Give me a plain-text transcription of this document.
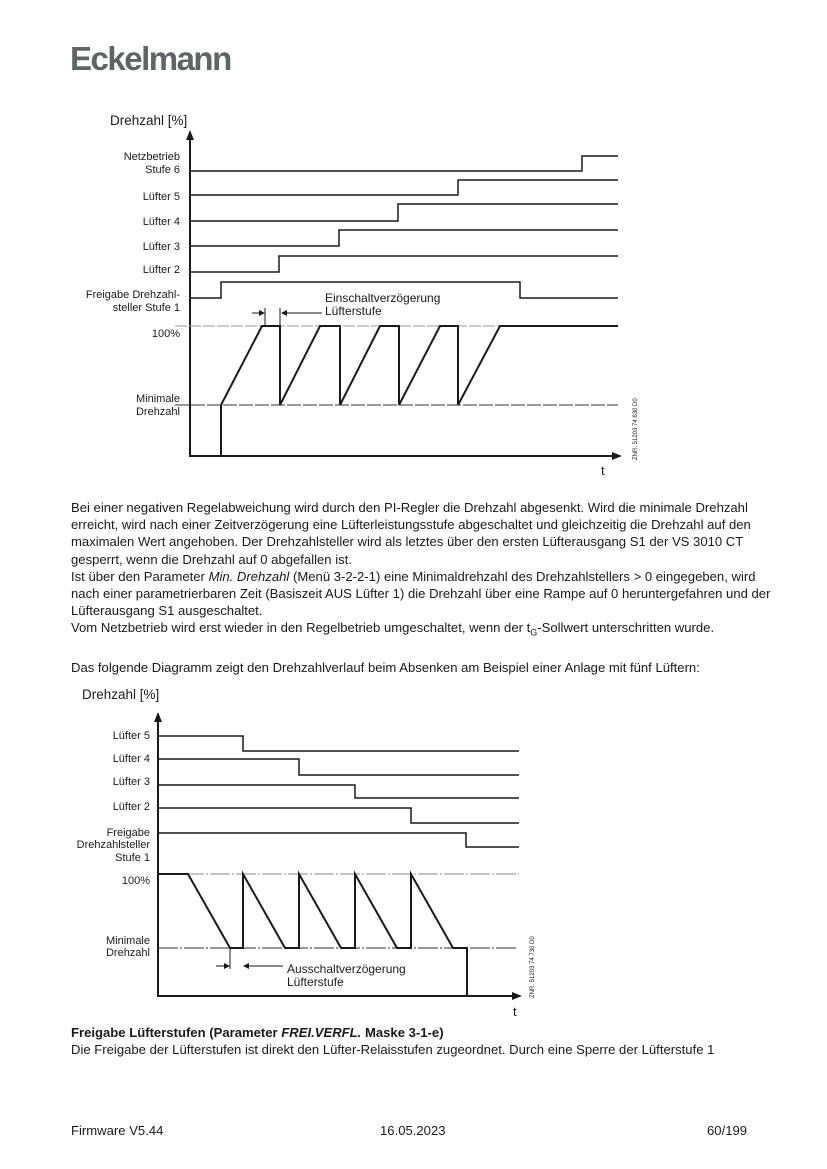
Eckelmann
Drehzahl [%]
Netzbetrieb
Stufe 6
Lüfter 5
Lüfter 4
Lüfter 3
Lüfter 2
Freigabe Drehzahl-
steller Stufe 1
100%
Minimale
Drehzahl
t
Einschaltverzögerung
Lüfterstufe
ZNR. 51203 74 630 D0

Bei einer negativen Regelabweichung wird durch den PI-Regler die Drehzahl abgesenkt. Wird die minimale Drehzahl erreicht, wird nach einer Zeitverzögerung eine Lüfterleistungsstufe abgeschaltet und gleichzeitig die Drehzahl auf den maximalen Wert angehoben. Der Drehzahlsteller wird als letztes über den ersten Lüfterausgang S1 der VS 3010 CT gesperrt, wenn die Drehzahl auf 0 abgefallen ist.

Ist über den Parameter Min. Drehzahl (Menü 3-2-2-1) eine Minimaldrehzahl des Drehzahlstellers > 0 eingegeben, wird nach einer parametrierbaren Zeit (Basiszeit AUS Lüfter 1) die Drehzahl über eine Rampe auf 0 heruntergefahren und der Lüfterausgang S1 ausgeschaltet.

Vom Netzbetrieb wird erst wieder in den Regelbetrieb umgeschaltet, wenn der $t_G$-Sollwert unterschritten wurde.

Das folgende Diagramm zeigt den Drehzahlverlauf beim Absenken am Beispiel einer Anlage mit fünf Lüftern:

Drehzahl [%]
Lüfter 5
Lüfter 4
Lüfter 3
Lüfter 2
Freigabe
Drehzahlsteller
Stufe 1
100%
Minimale
Drehzahl
t
Ausschaltverzögerung
Lüfterstufe	ZNR. 51203 74 730 D0

Freigabe Lüfterstufen (Parameter FREI.VERFL. Maske 3-1-e)

Die Freigabe der Lüfterstufen ist direkt den Lüfter-Relaisstufen zugeordnet. Durch eine Sperre der Lüfterstufe 1

Firmware V5.44	16.05.2023	60/199
